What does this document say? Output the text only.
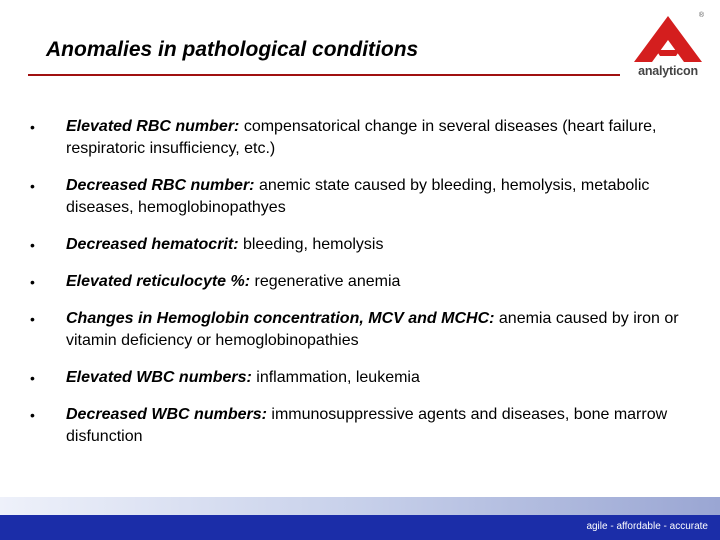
Anomalies in pathological conditions
®
analyticon
• Elevated RBC number: compensatorical change in several diseases (heart failure, respiratoric insufficiency, etc.)
• Decreased RBC number: anemic state caused by bleeding, hemolysis, metabolic diseases, hemoglobinopathyes
• Decreased hematocrit: bleeding, hemolysis
• Elevated reticulocyte %: regenerative anemia
• Changes in Hemoglobin concentration, MCV and MCHC: anemia caused by iron or vitamin deficiency or hemoglobinopathies
• Elevated WBC numbers: inflammation, leukemia
• Decreased WBC numbers: immunosuppressive agents and diseases, bone marrow disfunction
agile - affordable - accurate
